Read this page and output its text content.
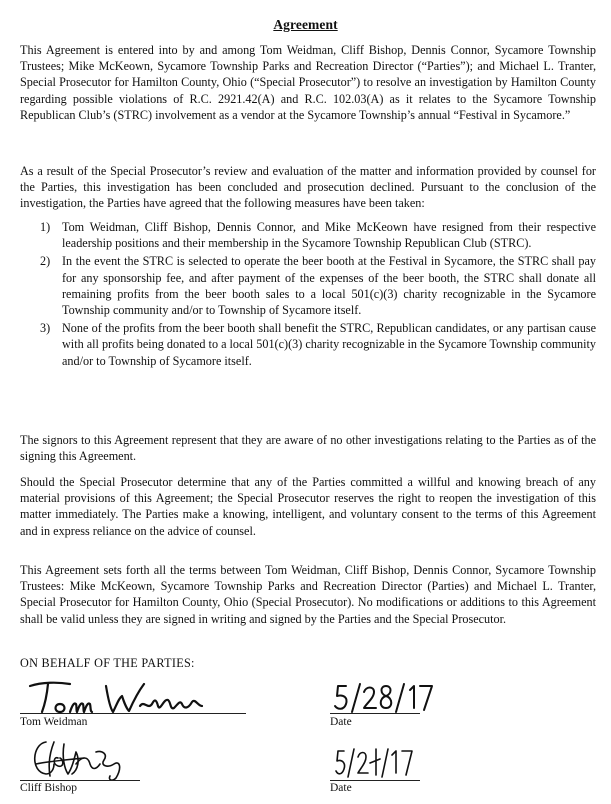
Agreement

This Agreement is entered into by and among Tom Weidman, Cliff Bishop, Dennis Connor, Sycamore Township Trustees; Mike McKeown, Sycamore Township Parks and Recreation Director (“Parties”); and Michael L. Tranter, Special Prosecutor for Hamilton County, Ohio (“Special Prosecutor”) to resolve an investigation by Hamilton County regarding possible violations of R.C. 2921.42(A) and R.C. 102.03(A) as it relates to the Sycamore Township Republican Club’s (STRC) involvement as a vendor at the Sycamore Township’s annual “Festival in Sycamore.”

As a result of the Special Prosecutor’s review and evaluation of the matter and information provided by counsel for the Parties, this investigation has been concluded and prosecution declined. Pursuant to the conclusion of the investigation, the Parties have agreed that the following measures have been taken:

1) Tom Weidman, Cliff Bishop, Dennis Connor, and Mike McKeown have resigned from their respective leadership positions and their membership in the Sycamore Township Republican Club (STRC).
2) In the event the STRC is selected to operate the beer booth at the Festival in Sycamore, the STRC shall pay for any sponsorship fee, and after payment of the expenses of the beer booth, the STRC shall donate all remaining profits from the beer booth sales to a local 501(c)(3) charity recognizable in the Sycamore Township community and/or to Township of Sycamore itself.
3) None of the profits from the beer booth shall benefit the STRC, Republican candidates, or any partisan cause with all profits being donated to a local 501(c)(3) charity recognizable in the Sycamore Township community and/or to Township of Sycamore itself.

The signors to this Agreement represent that they are aware of no other investigations relating to the Parties as of the signing this Agreement.

Should the Special Prosecutor determine that any of the Parties committed a willful and knowing breach of any material provisions of this Agreement; the Special Prosecutor reserves the right to reopen the investigation of this matter immediately. The Parties make a knowing, intelligent, and voluntary consent to the terms of this Agreement and in express reliance on the advice of counsel.

This Agreement sets forth all the terms between Tom Weidman, Cliff Bishop, Dennis Connor, Sycamore Township Trustees: Mike McKeown, Sycamore Township Parks and Recreation Director (Parties) and Michael L. Tranter, Special Prosecutor for Hamilton County, Ohio (Special Prosecutor). No modifications or additions to this Agreement shall be valid unless they are signed in writing and signed by the Parties and the Special Prosecutor.

ON BEHALF OF THE PARTIES:
Tom Weidman	Date
Cliff Bishop	Date
